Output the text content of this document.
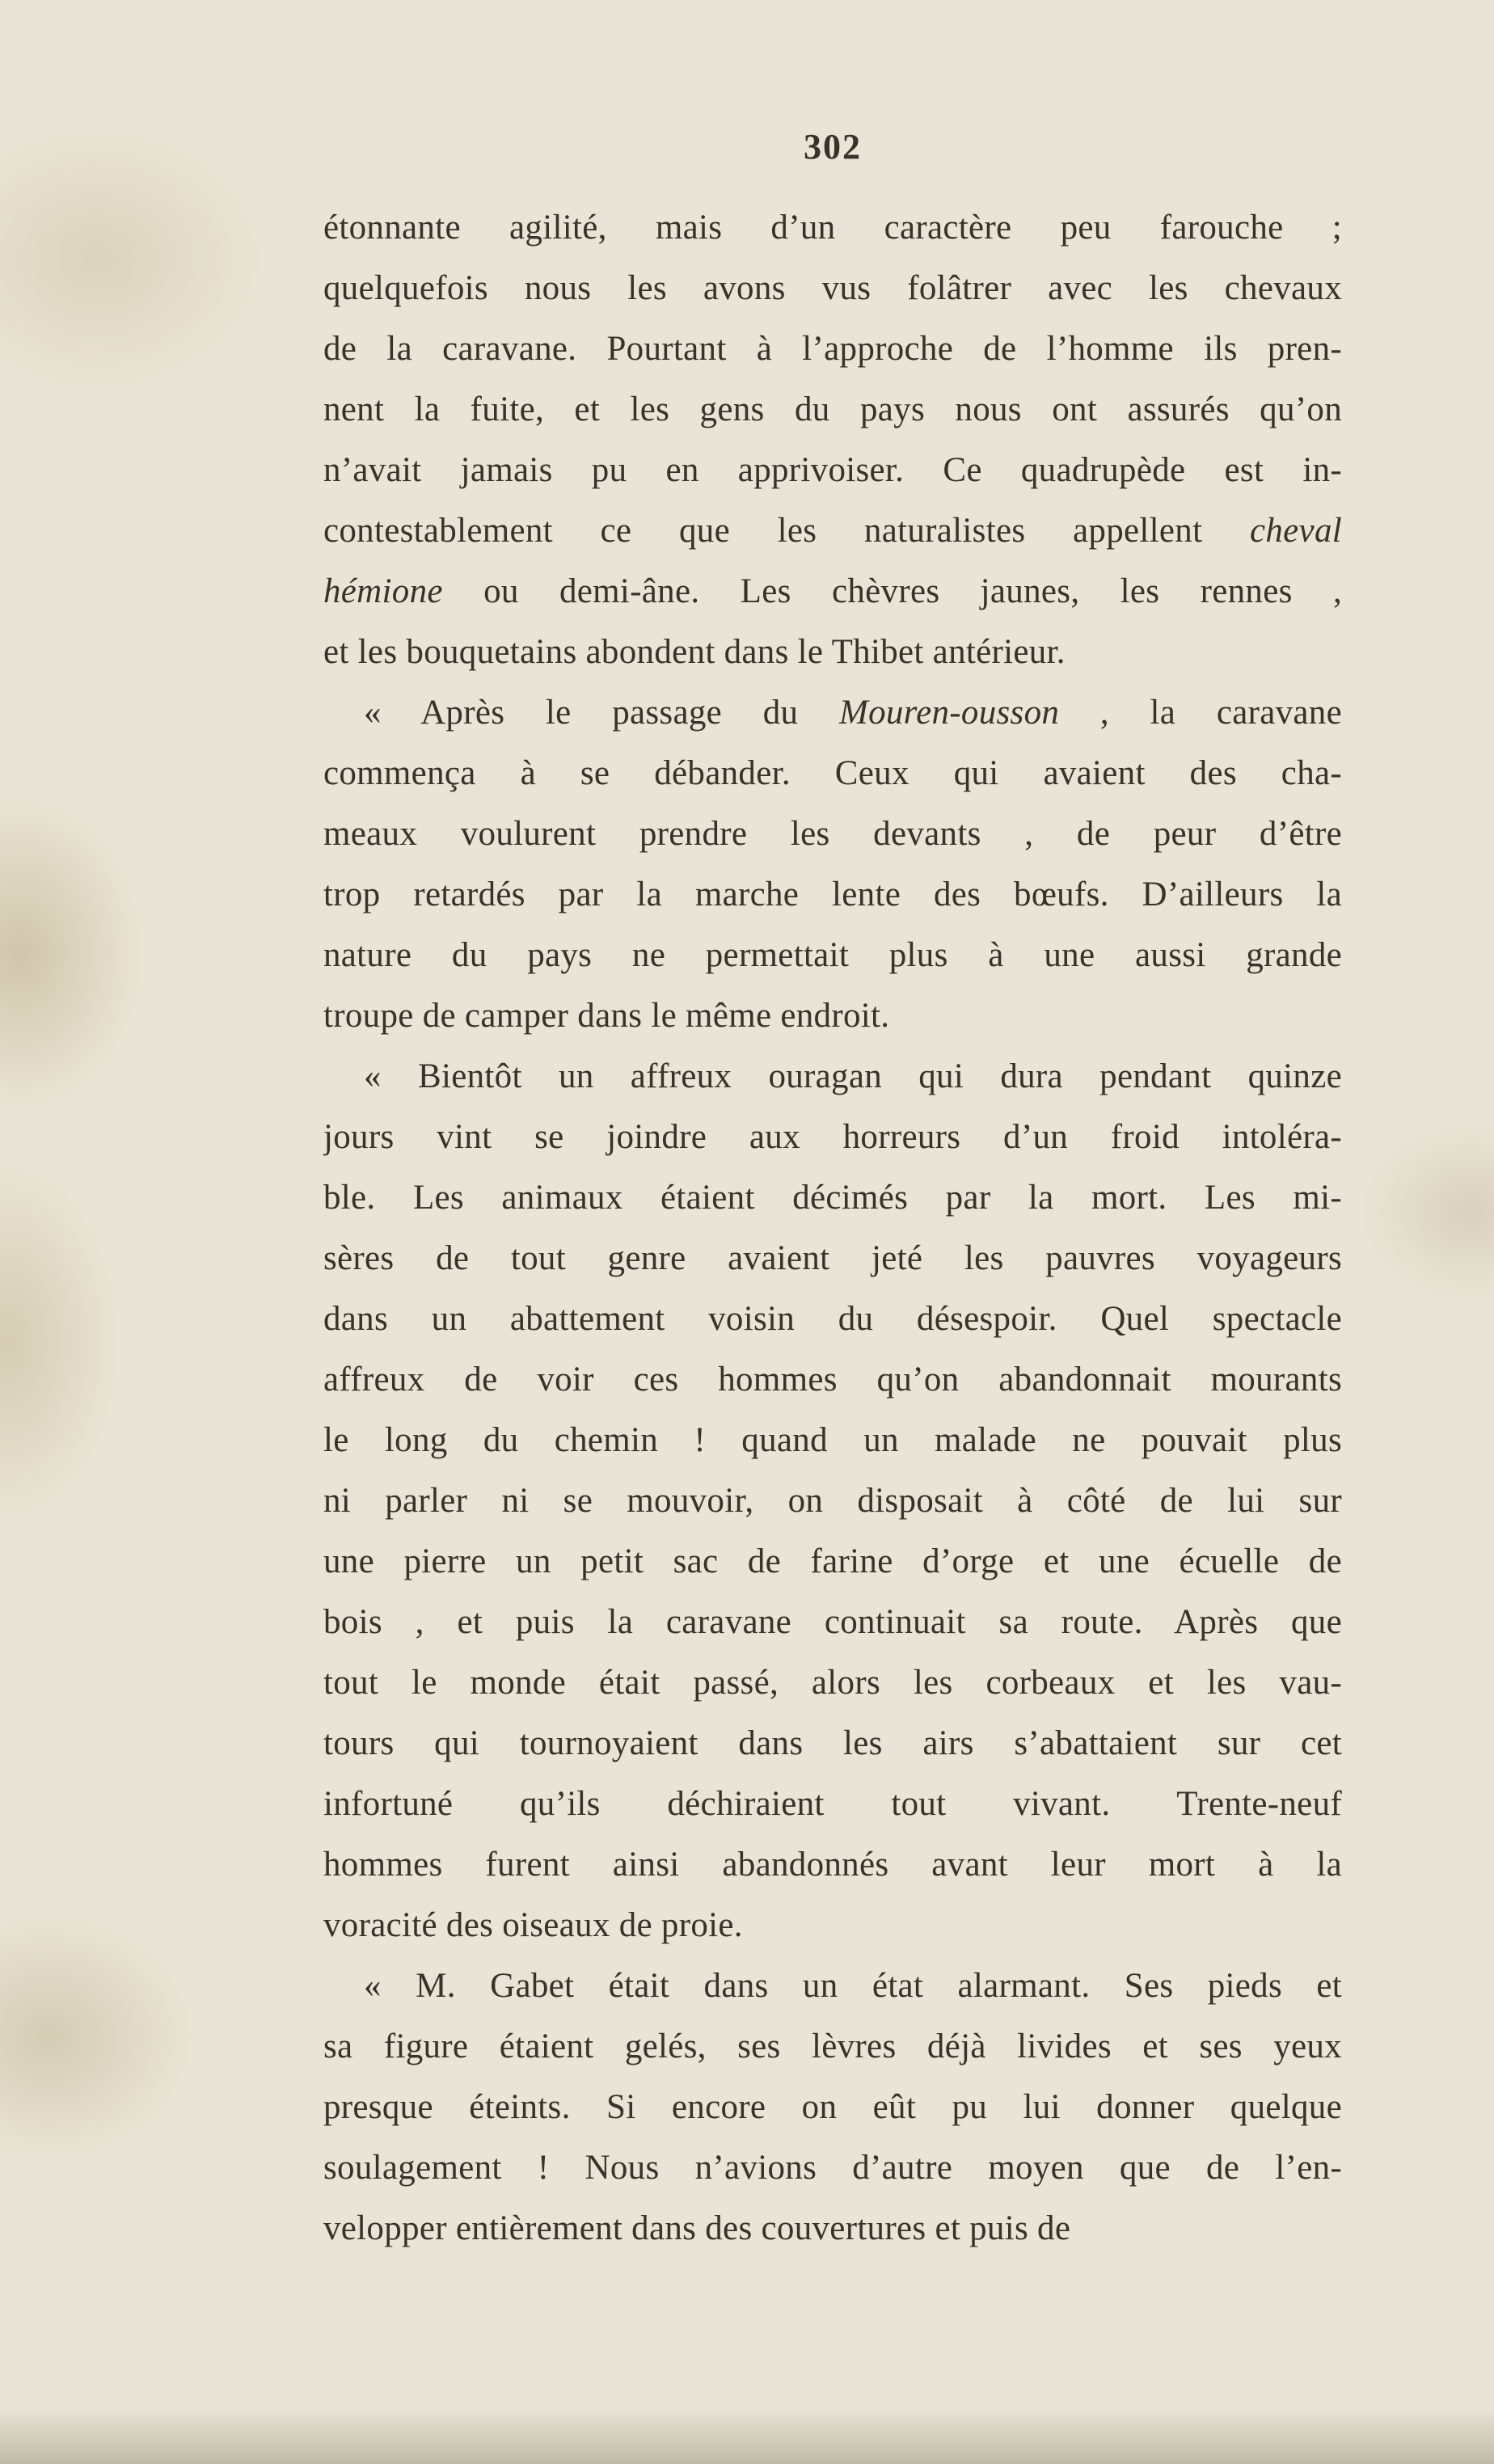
302
étonnante agilité, mais d’un caractère peu farouche ;
quelquefois nous les avons vus folâtrer avec les chevaux
de la caravane. Pourtant à l’approche de l’homme ils pren-
nent la fuite, et les gens du pays nous ont assurés qu’on
n’avait jamais pu en apprivoiser. Ce quadrupède est in-
contestablement ce que les naturalistes appellent cheval
hémione ou demi-âne. Les chèvres jaunes, les rennes ,
et les bouquetains abondent dans le Thibet antérieur.
« Après le passage du Mouren-ousson , la caravane
commença à se débander. Ceux qui avaient des cha-
meaux voulurent prendre les devants , de peur d’être
trop retardés par la marche lente des bœufs. D’ailleurs la
nature du pays ne permettait plus à une aussi grande
troupe de camper dans le même endroit.
« Bientôt un affreux ouragan qui dura pendant quinze
jours vint se joindre aux horreurs d’un froid intoléra-
ble. Les animaux étaient décimés par la mort. Les mi-
sères de tout genre avaient jeté les pauvres voyageurs
dans un abattement voisin du désespoir. Quel spectacle
affreux de voir ces hommes qu’on abandonnait mourants
le long du chemin ! quand un malade ne pouvait plus
ni parler ni se mouvoir, on disposait à côté de lui sur
une pierre un petit sac de farine d’orge et une écuelle de
bois , et puis la caravane continuait sa route. Après que
tout le monde était passé, alors les corbeaux et les vau-
tours qui tournoyaient dans les airs s’abattaient sur cet
infortuné qu’ils déchiraient tout vivant. Trente-neuf
hommes furent ainsi abandonnés avant leur mort à la
voracité des oiseaux de proie.
« M. Gabet était dans un état alarmant. Ses pieds et
sa figure étaient gelés, ses lèvres déjà livides et ses yeux
presque éteints. Si encore on eût pu lui donner quelque
soulagement ! Nous n’avions d’autre moyen que de l’en-
velopper entièrement dans des couvertures et puis de
